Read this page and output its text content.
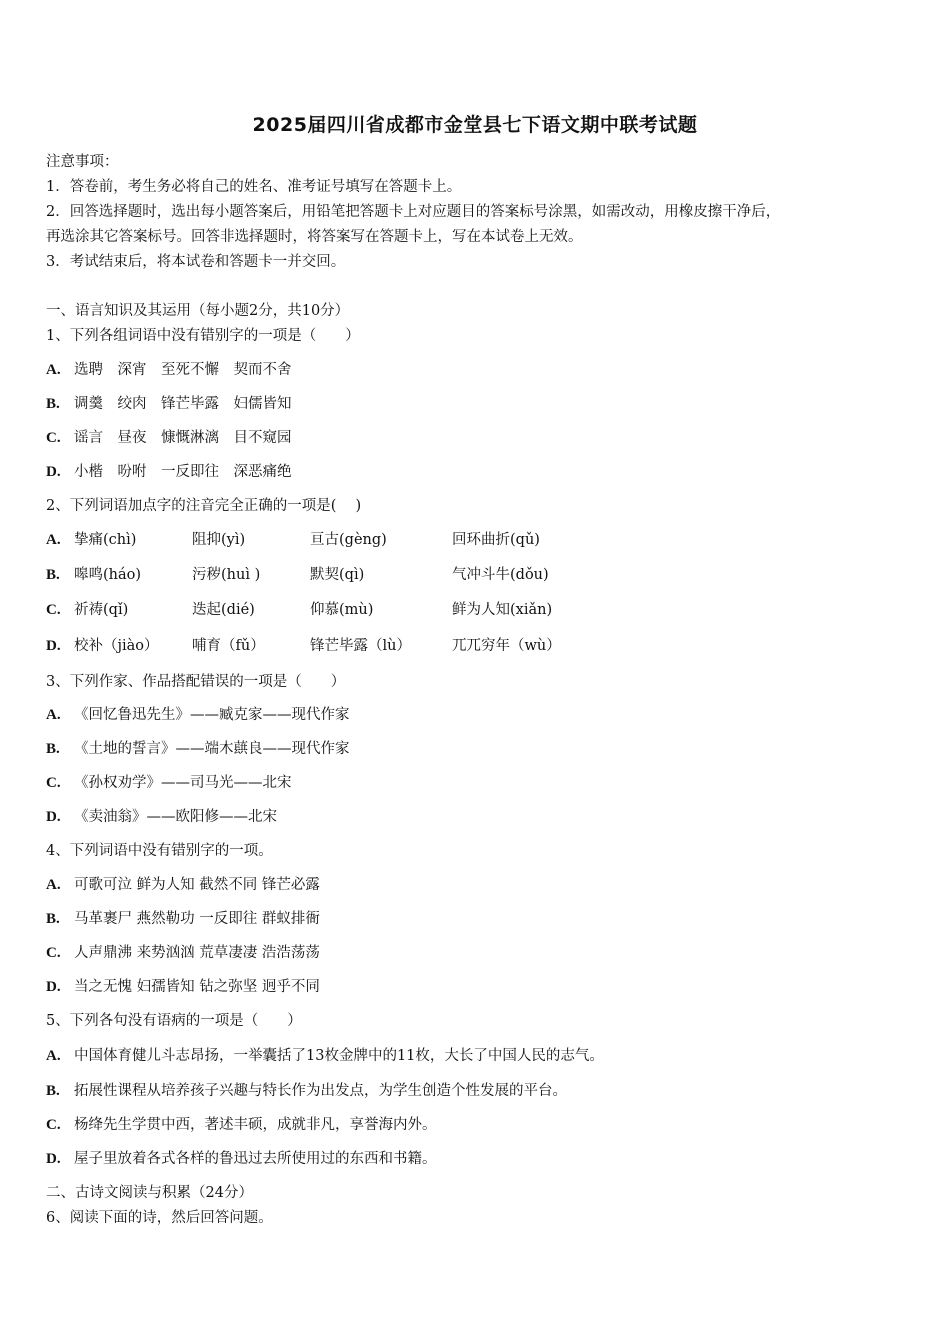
2025届四川省成都市金堂县七下语文期中联考试题
注意事项：
1．答卷前，考生务必将自己的姓名、准考证号填写在答题卡上。
2．回答选择题时，选出每小题答案后，用铅笔把答题卡上对应题目的答案标号涂黑，如需改动，用橡皮擦干净后，
再选涂其它答案标号。回答非选择题时，将答案写在答题卡上，写在本试卷上无效。
3．考试结束后，将本试卷和答题卡一并交回。
一、语言知识及其运用（每小题2分，共10分）
1、下列各组词语中没有错别字的一项是（　　）
A. 选聘　深宵　至死不懈　契而不舍
B. 调羹　绞肉　锋芒毕露　妇儒皆知
C. 谣言　昼夜　慷慨淋漓　目不窥园
D. 小楷　吩咐　一反即往　深恶痛绝
2、下列词语加点字的注音完全正确的一项是(　 )
A. 挚痛(chì)	阻抑(yì)	亘古(gèng)	回环曲折(qǔ)
B. 嗥鸣(háo)	污秽(huì )	默契(qì)	气冲斗牛(dǒu)
C. 祈祷(qǐ)	迭起(dié)	仰慕(mù)	鲜为人知(xiǎn)
D. 校补（jiào） 哺育（fǔ）	锋芒毕露（lù）	兀兀穷年（wù）
3、下列作家、作品搭配错误的一项是（　　）
A. 《回忆鲁迅先生》——臧克家——现代作家
B. 《土地的誓言》——端木蕻良——现代作家
C. 《孙权劝学》——司马光——北宋
D. 《卖油翁》——欧阳修——北宋
4、下列词语中没有错别字的一项。
A. 可歌可泣 鲜为人知 截然不同 锋芒必露
B. 马革裹尸 燕然勒功 一反即往 群蚁排衙
C. 人声鼎沸 来势汹汹 荒草凄凄 浩浩荡荡
D. 当之无愧 妇孺皆知 钻之弥坚 迥乎不同
5、下列各句没有语病的一项是（　　）
A. 中国体育健儿斗志昂扬，一举囊括了13枚金牌中的11枚，大长了中国人民的志气。
B. 拓展性课程从培养孩子兴趣与特长作为出发点，为学生创造个性发展的平台。
C. 杨绛先生学贯中西，著述丰硕，成就非凡，享誉海内外。
D. 屋子里放着各式各样的鲁迅过去所使用过的东西和书籍。
二、古诗文阅读与积累（24分）
6、阅读下面的诗，然后回答问题。
